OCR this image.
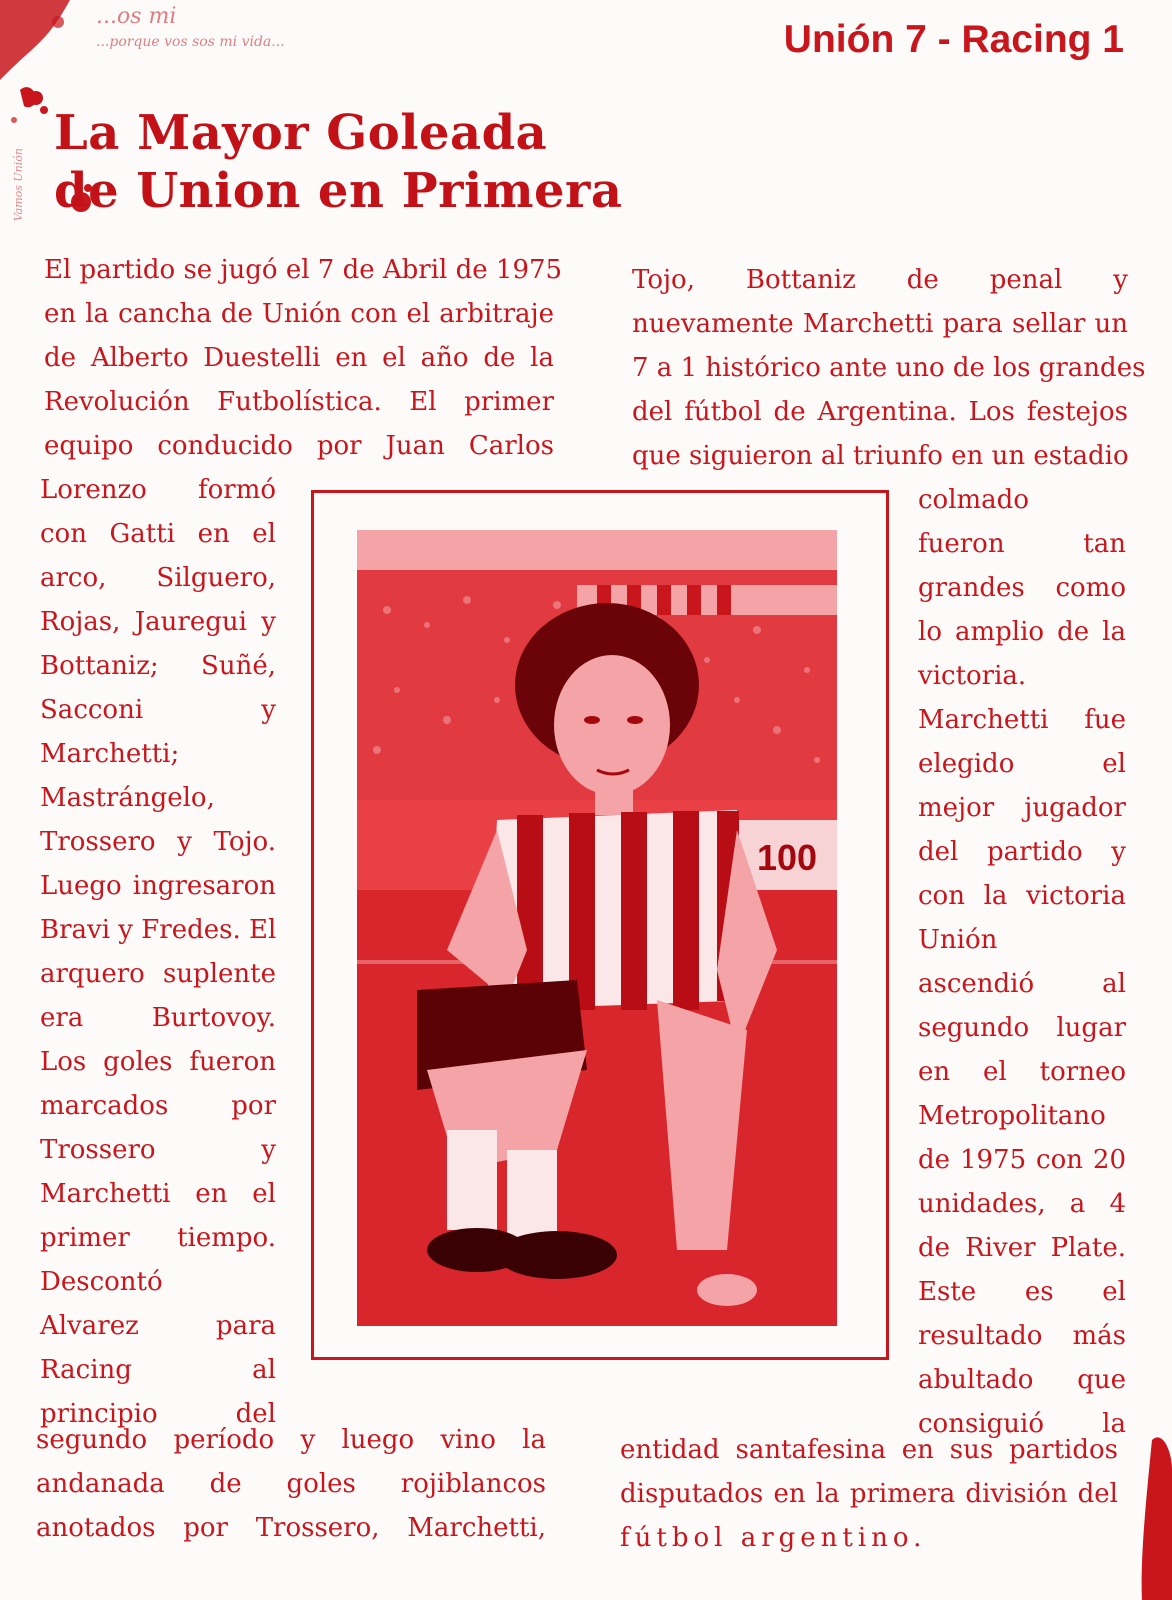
...os mi

...porque vos sos mi vida...

Vamos Unión
Unión 7 - Racing 1
La Mayor Goleada
de Union en Primera
El partido se jugó el 7 de Abril de 1975
en la cancha de Unión con el arbitraje
de Alberto Duestelli en el año de la
Revolución Futbolística. El primer
equipo conducido por Juan Carlos
Lorenzo formó
con Gatti en el
arco, Silguero,
Rojas, Jauregui y
Bottaniz; Suñé,
Sacconi y
Marchetti;
Mastrángelo,
Trossero y Tojo.
Luego ingresaron
Bravi y Fredes. El
arquero suplente
era Burtovoy.
Los goles fueron
marcados por
Trossero y
Marchetti en el
primer tiempo.
Descontó
Alvarez para
Racing al
principio del
segundo período y luego vino la
andanada de goles rojiblancos
anotados por Trossero, Marchetti,
Tojo, Bottaniz de penal y
nuevamente Marchetti para sellar un
7 a 1 histórico ante uno de los grandes
del fútbol de Argentina. Los festejos
que siguieron al triunfo en un estadio
colmado
fueron tan
grandes como
lo amplio de la
victoria.
Marchetti fue
elegido el
mejor jugador
del partido y
con la victoria
Unión
ascendió al
segundo lugar
en el torneo
Metropolitano
de 1975 con 20
unidades, a 4
de River Plate.
Este es el
resultado más
abultado que
consiguió la
entidad santafesina en sus partidos
disputados en la primera división del
fútbol argentino.
100
